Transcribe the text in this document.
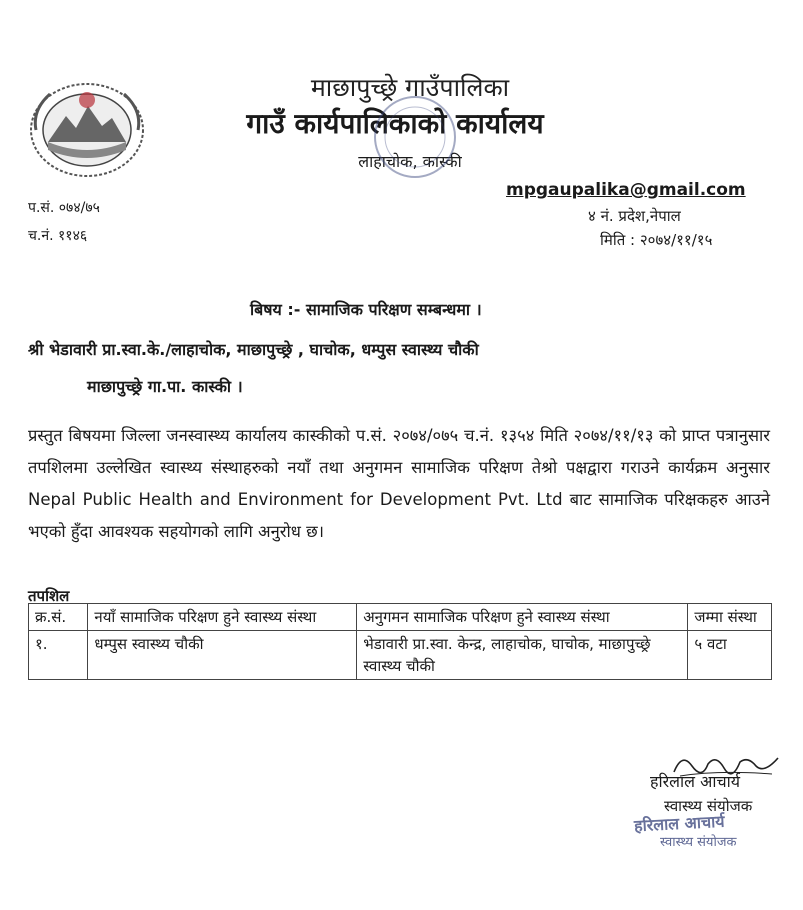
माछापुच्छ्रे गाउँपालिका
गाउँ कार्यपालिकाको कार्यालय
लाहाचोक, कास्की
प.सं. ०७४/७५
च.नं. ११४६
mpgaupalika@gmail.com
४ नं. प्रदेश,नेपाल
मिति : २०७४/११/१५
बिषय :- सामाजिक परिक्षण सम्बन्धमा ।
श्री भेडावारी प्रा.स्वा.के./लाहाचोक, माछापुच्छ्रे , घाचोक, धम्पुस स्वास्थ्य चौकी
माछापुच्छ्रे गा.पा. कास्की ।

प्रस्तुत बिषयमा जिल्ला जनस्वास्थ्य कार्यालय कास्कीको प.सं. २०७४/०७५ च.नं. १३५४ मिति २०७४/११/१३ को प्राप्त पत्रानुसार तपशिलमा उल्लेखित स्वास्थ्य संस्थाहरुको नयाँ तथा अनुगमन सामाजिक परिक्षण तेश्रो पक्षद्वारा गराउने कार्यक्रम अनुसार Nepal Public Health and Environment for Development Pvt. Ltd बाट सामाजिक परिक्षकहरु आउने भएको हुँदा आवश्यक सहयोगको लागि अनुरोध छ।

तपशिल
क्र.सं.	नयाँ सामाजिक परिक्षण हुने स्वास्थ्य संस्था	अनुगमन सामाजिक परिक्षण हुने स्वास्थ्य संस्था	जम्मा संस्था
१.	धम्पुस स्वास्थ्य चौकी	भेडावारी प्रा.स्वा. केन्द्र, लाहाचोक, घाचोक, माछापुच्छ्रे स्वास्थ्य चौकी	५ वटा
हरिलाल आचार्य
स्वास्थ्य संयोजक
हरिलाल आचार्य
स्वास्थ्य संयोजक
